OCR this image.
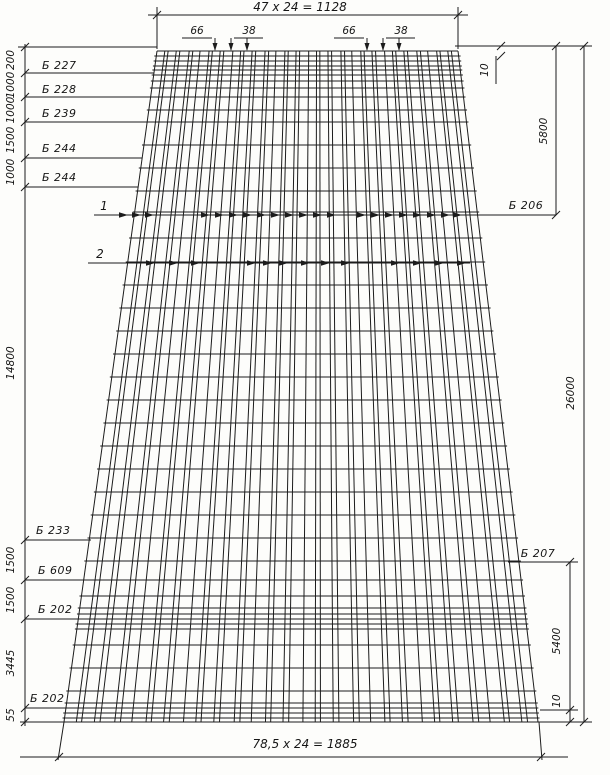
47 x 24 = 1128
66	38	66	38
200
1000
1000
1500
1000
14800
1500
1500
3445
55
Б 227
Б 228
Б 239
Б 244
Б 244
Б 233
Б 609
Б 202
Б 202
10
5800
26000
5400
10
Б 206
Б 207
1
2
78,5 x 24 = 1885
